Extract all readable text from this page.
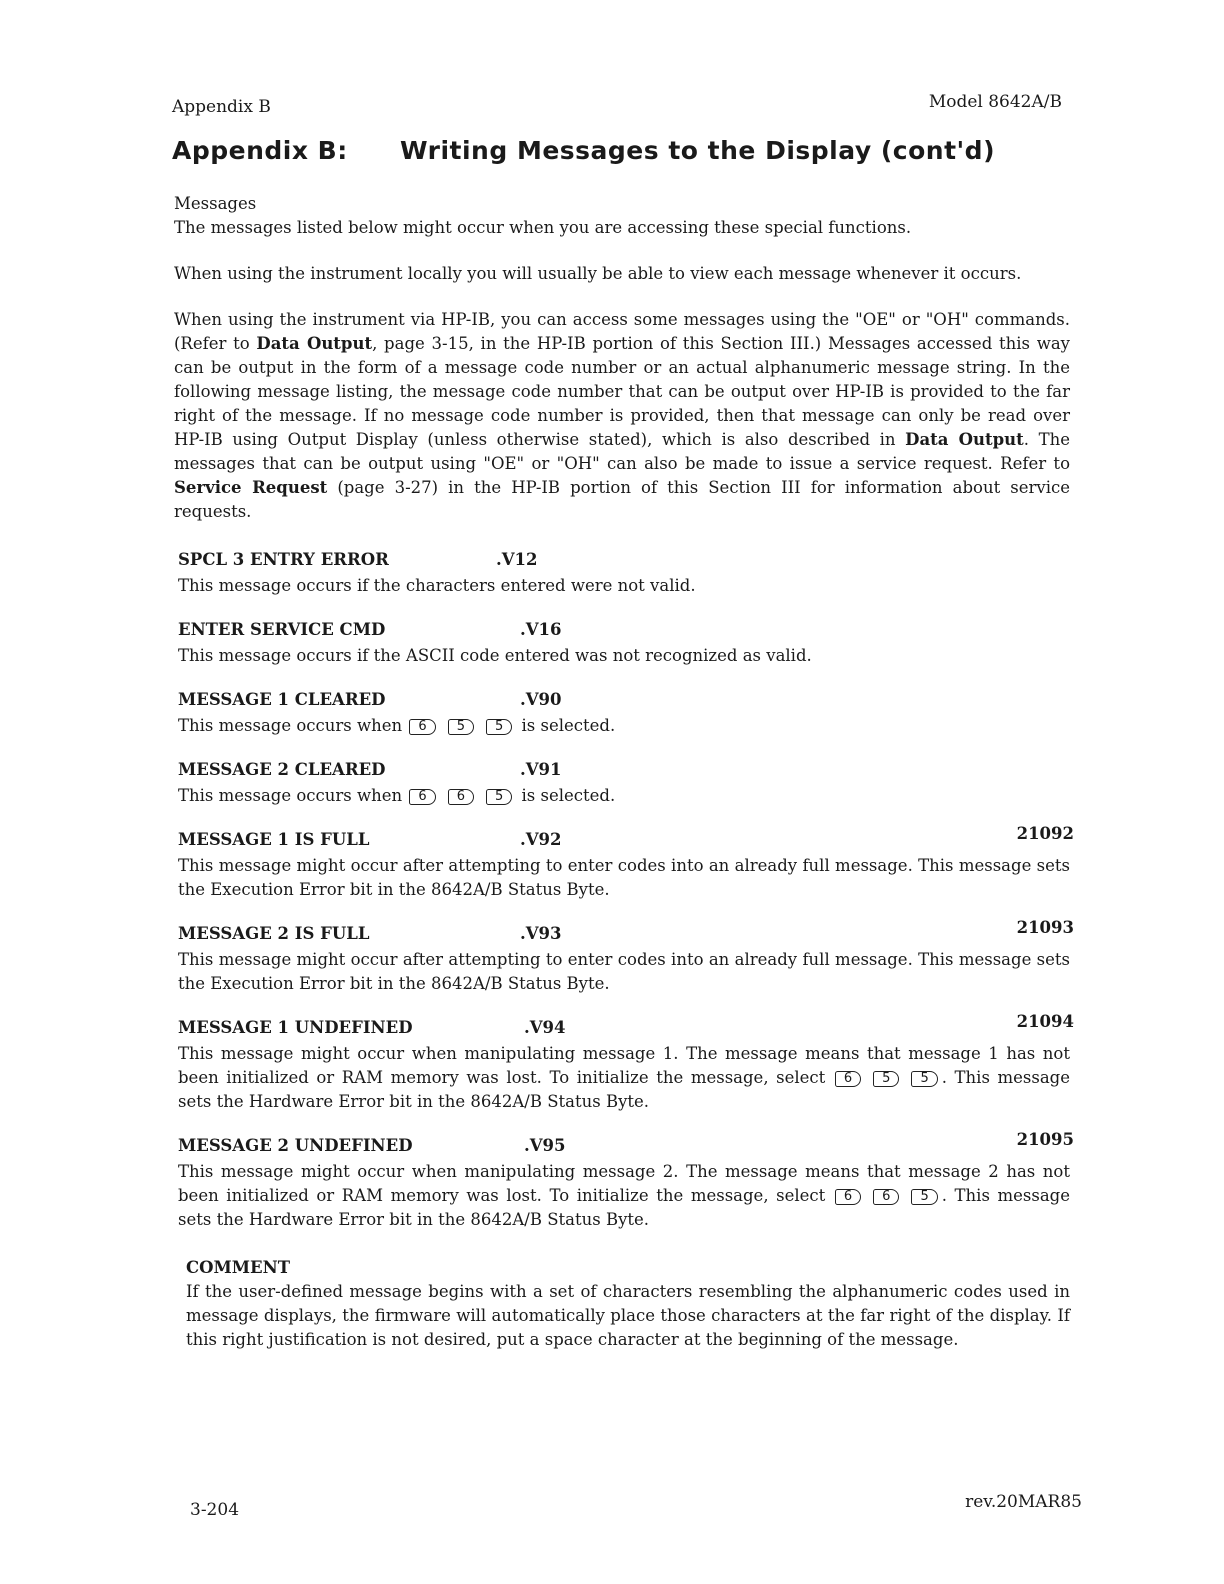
Appendix B	Model 8642A/B
Appendix B: Writing Messages to the Display (cont'd)

Messages

The messages listed below might occur when you are accessing these special functions.

When using the instrument locally you will usually be able to view each message whenever it occurs.

When using the instrument via HP-IB, you can access some messages using the "OE" or "OH" commands. (Refer to Data Output, page 3-15, in the HP-IB portion of this Section III.) Messages accessed this way can be output in the form of a message code number or an actual alphanumeric message string. In the following message listing, the message code number that can be output over HP-IB is provided to the far right of the message. If no message code number is provided, then that message can only be read over HP-IB using Output Display (unless otherwise stated), which is also described in Data Output. The messages that can be output using "OE" or "OH" can also be made to issue a service request. Refer to Service Request (page 3-27) in the HP-IB portion of this Section III for information about service requests.

SPCL 3 ENTRY ERROR	.V12

This message occurs if the characters entered were not valid.

ENTER SERVICE CMD	.V16

This message occurs if the ASCII code entered was not recognized as valid.

MESSAGE 1 CLEARED	.V90

This message occurs when 6 5 5 is selected.

MESSAGE 2 CLEARED	.V91

This message occurs when 6 6 5 is selected.

MESSAGE 1 IS FULL	.V92	21092

This message might occur after attempting to enter codes into an already full message. This message sets the Execution Error bit in the 8642A/B Status Byte.

MESSAGE 2 IS FULL	.V93	21093

This message might occur after attempting to enter codes into an already full message. This message sets the Execution Error bit in the 8642A/B Status Byte.

MESSAGE 1 UNDEFINED	.V94	21094

This message might occur when manipulating message 1. The message means that message 1 has not been initialized or RAM memory was lost. To initialize the message, select 6 5 5 . This message sets the Hardware Error bit in the 8642A/B Status Byte.

MESSAGE 2 UNDEFINED	.V95	21095

This message might occur when manipulating message 2. The message means that message 2 has not been initialized or RAM memory was lost. To initialize the message, select 6 6 5 . This message sets the Hardware Error bit in the 8642A/B Status Byte.

COMMENT

If the user-defined message begins with a set of characters resembling the alphanumeric codes used in message displays, the firmware will automatically place those characters at the far right of the display. If this right justification is not desired, put a space character at the beginning of the message.

3-204	rev.20MAR85
